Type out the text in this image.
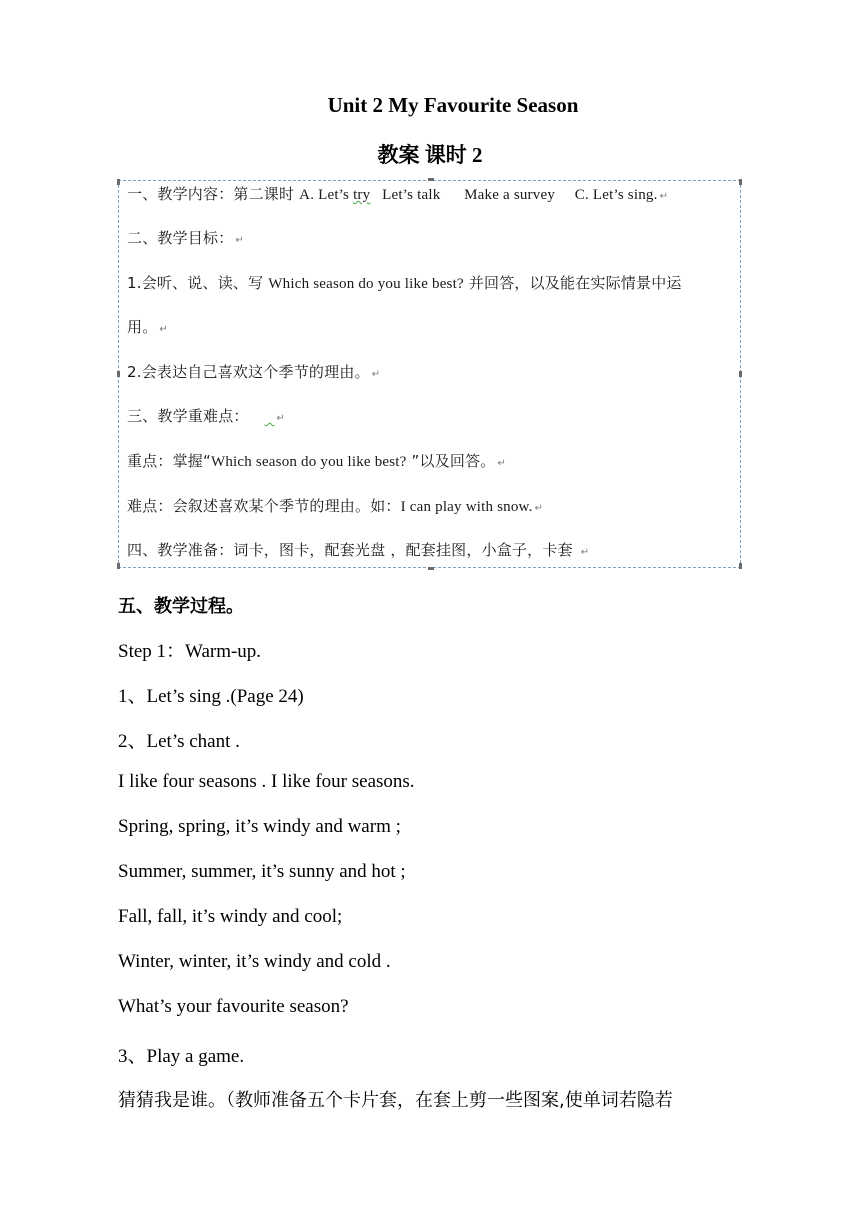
Unit 2 My Favourite Season
教案 课时 2
一、教学内容：第二课时 A. Let’s try   Let’s talk      Make a survey     C. Let’s sing. ↵
二、教学目标： ↵
1.会听、说、读、写 Which season do you like best? 并回答，以及能在实际情景中运
用。 ↵
2.会表达自己喜欢这个季节的理由。 ↵
三、教学重难点：	↵
重点：掌握“Which season do you like best? ”以及回答。 ↵
难点：会叙述喜欢某个季节的理由。如：I can play with snow. ↵
四、教学准备：词卡，图卡，配套光盘 ，配套挂图，小盒子，卡套 ↵
五、教学过程。
Step 1：Warm-up.
1、Let’s sing .(Page 24)
2、Let’s chant .
I like four seasons . I like four seasons.
Spring, spring, it’s windy and warm ;
Summer, summer, it’s sunny and hot ;
Fall, fall, it’s windy and cool;
Winter, winter, it’s windy and cold .
What’s your favourite season?
3、Play a game.
猜猜我是谁。（教师准备五个卡片套，在套上剪一些图案,使单词若隐若
